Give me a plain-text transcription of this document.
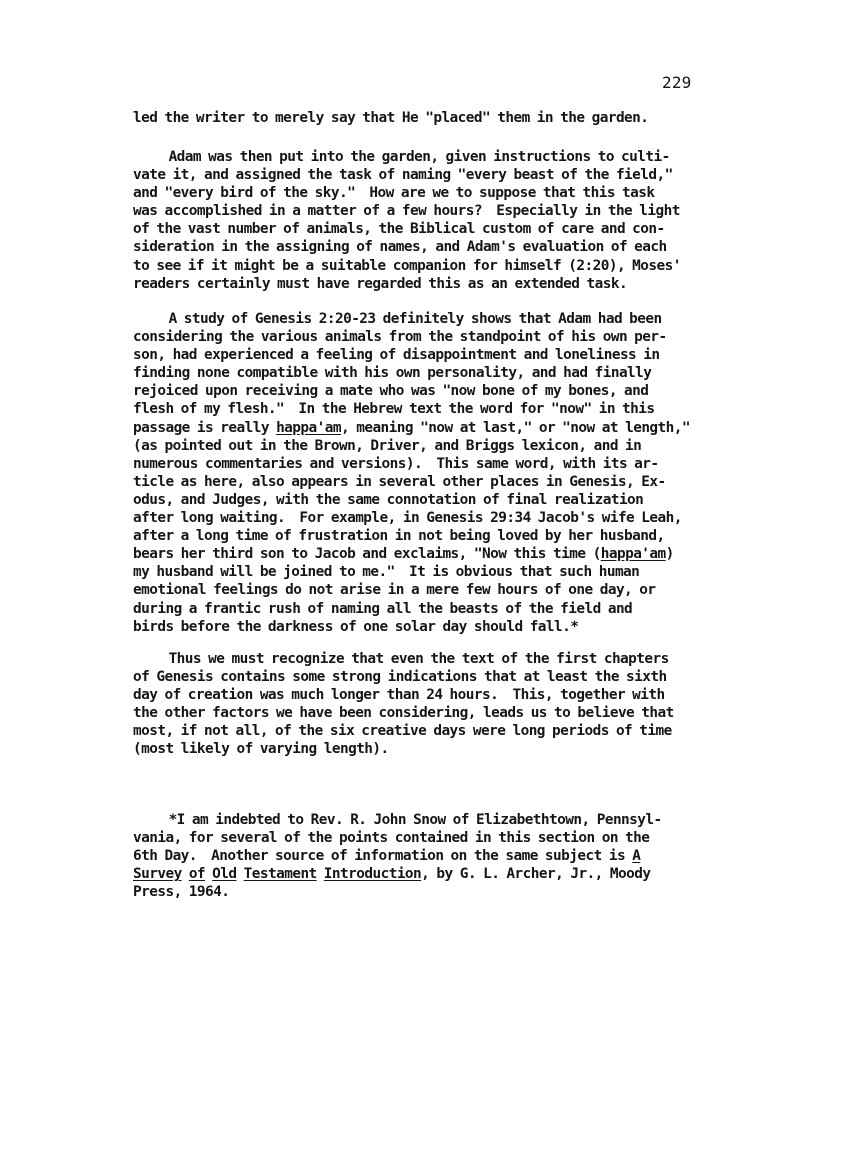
229
led the writer to merely say that He "placed" them in the garden.
Adam was then put into the garden, given instructions to culti-
vate it, and assigned the task of naming "every beast of the field,"
and "every bird of the sky."  How are we to suppose that this task
was accomplished in a matter of a few hours?  Especially in the light
of the vast number of animals, the Biblical custom of care and con-
sideration in the assigning of names, and Adam's evaluation of each
to see if it might be a suitable companion for himself (2:20), Moses'
readers certainly must have regarded this as an extended task.
A study of Genesis 2:20-23 definitely shows that Adam had been
considering the various animals from the standpoint of his own per-
son, had experienced a feeling of disappointment and loneliness in
finding none compatible with his own personality, and had finally
rejoiced upon receiving a mate who was "now bone of my bones, and
flesh of my flesh."  In the Hebrew text the word for "now" in this
passage is really happa'am, meaning "now at last," or "now at length,"
(as pointed out in the Brown, Driver, and Briggs lexicon, and in
numerous commentaries and versions).  This same word, with its ar-
ticle as here, also appears in several other places in Genesis, Ex-
odus, and Judges, with the same connotation of final realization
after long waiting.  For example, in Genesis 29:34 Jacob's wife Leah,
after a long time of frustration in not being loved by her husband,
bears her third son to Jacob and exclaims, "Now this time (happa'am)
my husband will be joined to me."  It is obvious that such human
emotional feelings do not arise in a mere few hours of one day, or
during a frantic rush of naming all the beasts of the field and
birds before the darkness of one solar day should fall.*
Thus we must recognize that even the text of the first chapters
of Genesis contains some strong indications that at least the sixth
day of creation was much longer than 24 hours.  This, together with
the other factors we have been considering, leads us to believe that
most, if not all, of the six creative days were long periods of time
(most likely of varying length).
*I am indebted to Rev. R. John Snow of Elizabethtown, Pennsyl-
vania, for several of the points contained in this section on the
6th Day.  Another source of information on the same subject is A
Survey of Old Testament Introduction, by G. L. Archer, Jr., Moody
Press, 1964.
